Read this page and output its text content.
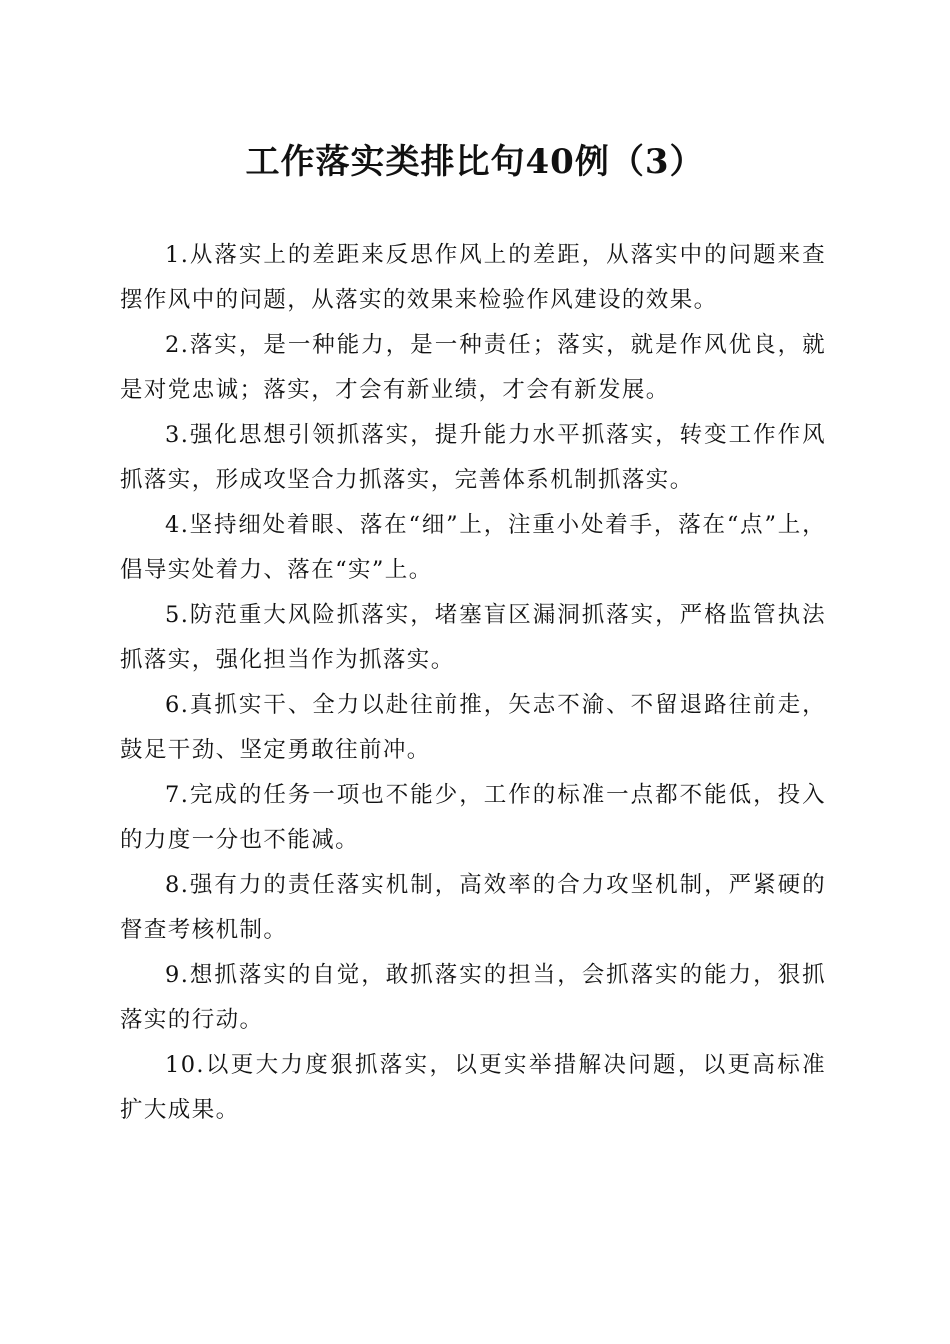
工作落实类排比句40例（3）

1.从落实上的差距来反思作风上的差距，从落实中的问题来查摆作风中的问题，从落实的效果来检验作风建设的效果。

2.落实，是一种能力，是一种责任；落实，就是作风优良，就是对党忠诚；落实，才会有新业绩，才会有新发展。

3.强化思想引领抓落实，提升能力水平抓落实，转变工作作风抓落实，形成攻坚合力抓落实，完善体系机制抓落实。

4.坚持细处着眼、落在“细”上，注重小处着手，落在“点”上，倡导实处着力、落在“实”上。

5.防范重大风险抓落实，堵塞盲区漏洞抓落实，严格监管执法抓落实，强化担当作为抓落实。

6.真抓实干、全力以赴往前推，矢志不渝、不留退路往前走，鼓足干劲、坚定勇敢往前冲。

7.完成的任务一项也不能少，工作的标准一点都不能低，投入的力度一分也不能减。

8.强有力的责任落实机制，高效率的合力攻坚机制，严紧硬的督查考核机制。

9.想抓落实的自觉，敢抓落实的担当，会抓落实的能力，狠抓落实的行动。

10.以更大力度狠抓落实，以更实举措解决问题，以更高标准扩大成果。
